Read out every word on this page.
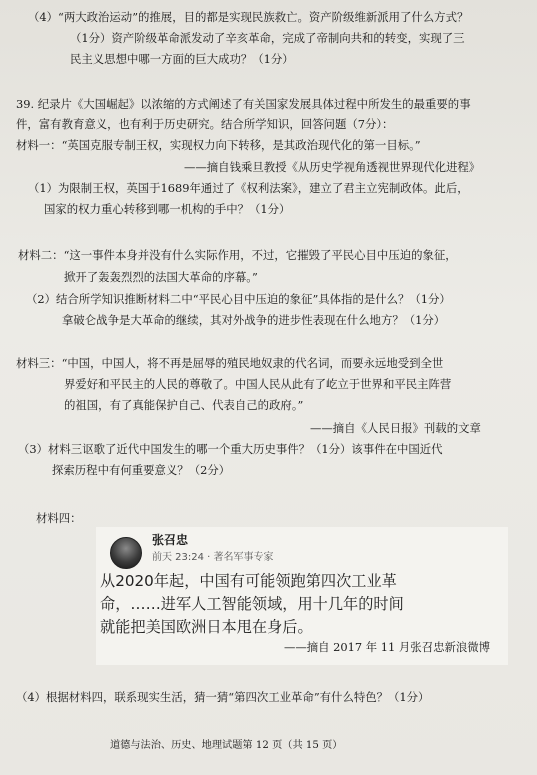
（4）“两大政治运动”的推展，目的都是实现民族救亡。资产阶级维新派用了什么方式？
（1分）资产阶级革命派发动了辛亥革命，完成了帝制向共和的转变，实现了三
民主义思想中哪一方面的巨大成功？（1分）
39. 纪录片《大国崛起》以浓缩的方式阐述了有关国家发展具体过程中所发生的最重要的事
件，富有教育意义，也有利于历史研究。结合所学知识，回答问题（7分）：
材料一：“英国克服专制王权，实现权力向下转移，是其政治现代化的第一目标。”
——摘自钱乘旦教授《从历史学视角透视世界现代化进程》
（1）为限制王权，英国于1689年通过了《权利法案》，建立了君主立宪制政体。此后，
国家的权力重心转移到哪一机构的手中？（1分）
材料二：“这一事件本身并没有什么实际作用，不过，它摧毁了平民心目中压迫的象征，
掀开了轰轰烈烈的法国大革命的序幕。”
（2）结合所学知识推断材料二中“平民心目中压迫的象征”具体指的是什么？（1分）
拿破仑战争是大革命的继续，其对外战争的进步性表现在什么地方？（1分）
材料三：“中国，中国人，将不再是屈辱的殖民地奴隶的代名词，而要永远地受到全世
界爱好和平民主的人民的尊敬了。中国人民从此有了屹立于世界和平民主阵营
的祖国，有了真能保护自己、代表自己的政府。”
——摘自《人民日报》刊载的文章
（3）材料三讴歌了近代中国发生的哪一个重大历史事件？（1分）该事件在中国近代
探索历程中有何重要意义？（2分）
材料四：
张召忠
前天 23:24 · 著名军事专家
从2020年起，中国有可能领跑第四次工业革
命，……进军人工智能领域，用十几年的时间
就能把美国欧洲日本甩在身后。
——摘自 2017 年 11 月张召忠新浪微博
（4）根据材料四，联系现实生活，猜一猜“第四次工业革命”有什么特色？（1分）
道德与法治、历史、地理试题第 12 页（共 15 页）
